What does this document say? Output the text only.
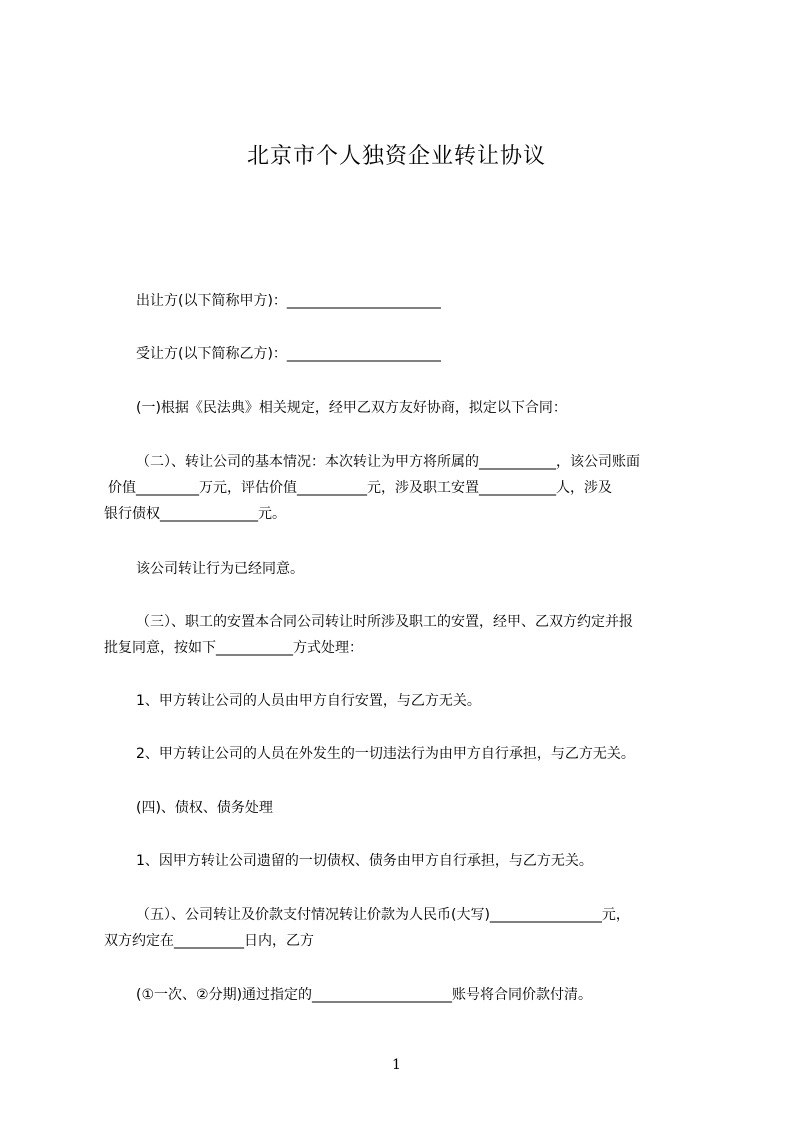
北京市个人独资企业转让协议
出让方(以下简称甲方)：______________________
受让方(以下简称乙方)：______________________
(一)根据《民法典》相关规定，经甲乙双方友好协商，拟定以下合同：
（二）、转让公司的基本情况：本次转让为甲方将所属的___________，该公司账面
价值_________万元，评估价值__________元，涉及职工安置___________人，涉及
银行债权______________元。
该公司转让行为已经同意。
（三）、职工的安置本合同公司转让时所涉及职工的安置，经甲、乙双方约定并报
批复同意，按如下___________方式处理：
1、甲方转让公司的人员由甲方自行安置，与乙方无关。
2、甲方转让公司的人员在外发生的一切违法行为由甲方自行承担，与乙方无关。
(四)、债权、债务处理
1、因甲方转让公司遗留的一切债权、债务由甲方自行承担，与乙方无关。
（五）、公司转让及价款支付情况转让价款为人民币(大写)________________元，
双方约定在__________日内，乙方
(①一次、②分期)通过指定的____________________账号将合同价款付清。
1
